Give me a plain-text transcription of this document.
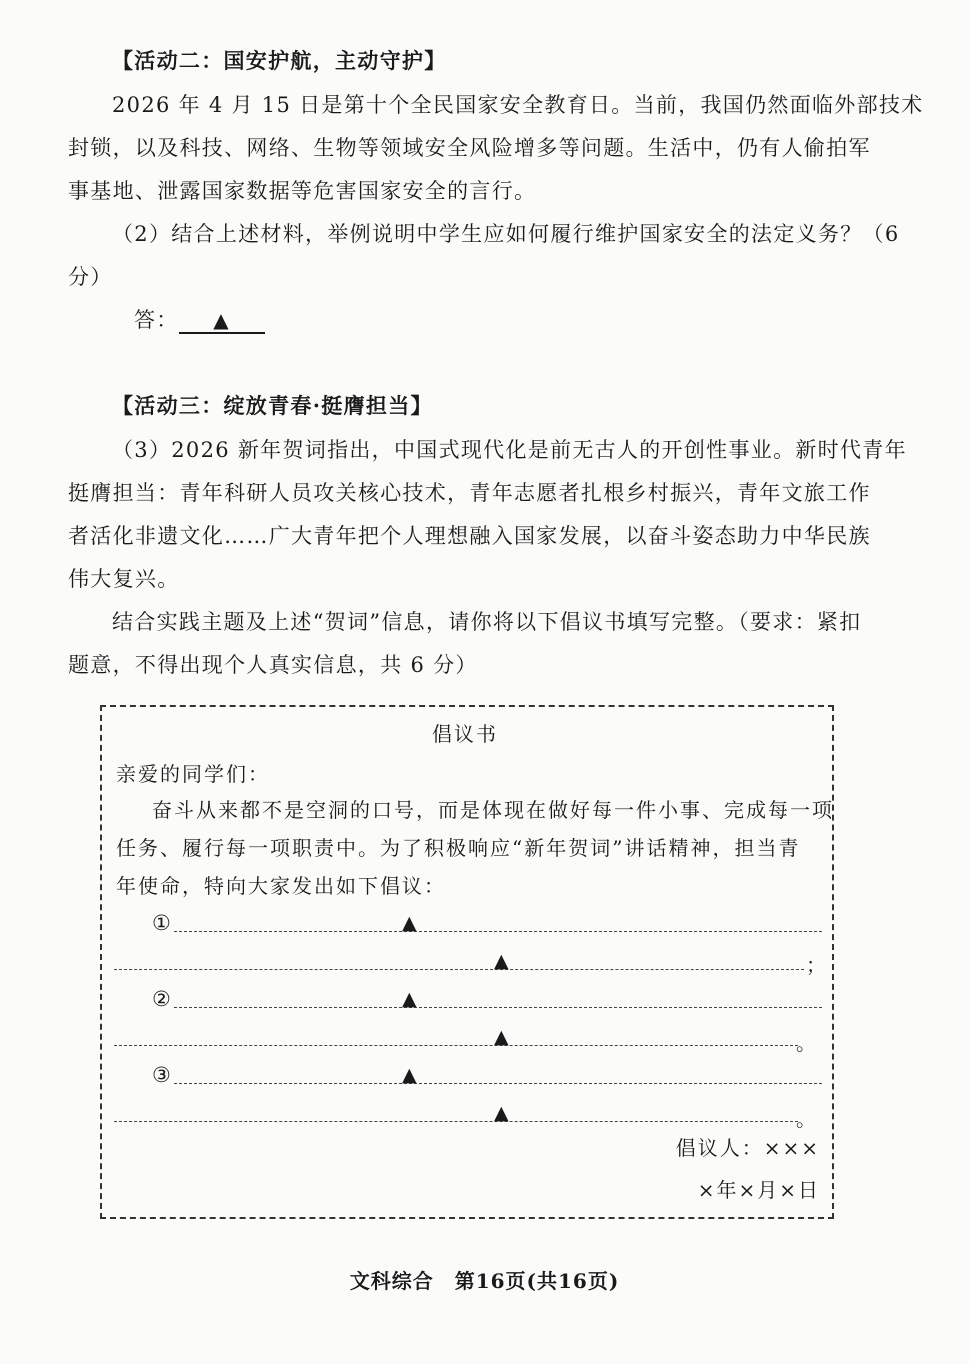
【活动二：国安护航，主动守护】
2026 年 4 月 15 日是第十个全民国家安全教育日。当前，我国仍然面临外部技术
封锁，以及科技、网络、生物等领域安全风险增多等问题。生活中，仍有人偷拍军
事基地、泄露国家数据等危害国家安全的言行。
（2）结合上述材料，举例说明中学生应如何履行维护国家安全的法定义务？（6
分）
答： ▲
【活动三：绽放青春·挺膺担当】
（3）2026 新年贺词指出，中国式现代化是前无古人的开创性事业。新时代青年
挺膺担当：青年科研人员攻关核心技术，青年志愿者扎根乡村振兴，青年文旅工作
者活化非遗文化……广大青年把个人理想融入国家发展，以奋斗姿态助力中华民族
伟大复兴。
结合实践主题及上述“贺词”信息，请你将以下倡议书填写完整。（要求：紧扣
题意，不得出现个人真实信息，共 6 分）
倡议书
亲爱的同学们：
奋斗从来都不是空洞的口号，而是体现在做好每一件小事、完成每一项
任务、履行每一项职责中。为了积极响应“新年贺词”讲话精神，担当青
年使命，特向大家发出如下倡议：
①	▲
▲	；
②	▲
▲	。
③	▲
▲	。
倡议人：×××
×年×月×日
文科综合　第16页(共16页)
